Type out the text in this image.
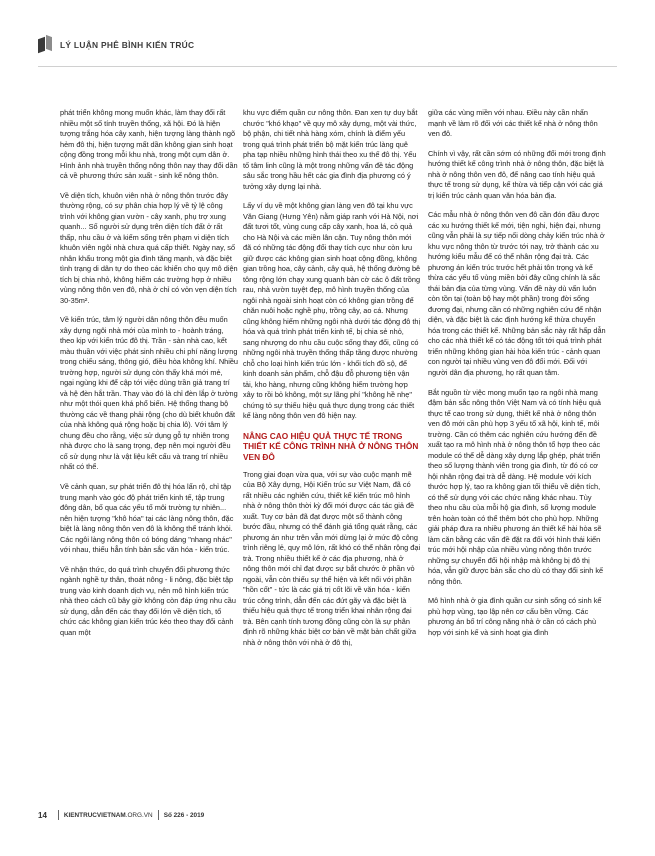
LÝ LUẬN PHÊ BÌNH KIẾN TRÚC

phát triển không mong muốn khác, làm thay đổi rất nhiều một số tính truyền thống, xã hội. Đó là hiện tượng trắng hóa cây xanh, hiện tượng làng thành ngõ hẻm đô thị, hiện tượng mất dần không gian sinh hoạt cộng đồng trong mỗi khu nhà, trong một cụm dân ở. Hình ảnh nhà truyền thống nông thôn nay thay đổi dần cả về phương thức sản xuất - sinh kế nông thôn.

Về diện tích, khuôn viên nhà ở nông thôn trước đây thường rộng, có sự phân chia hợp lý về tỷ lệ công trình với không gian vườn - cây xanh, phụ trợ xung quanh... Số người sử dụng trên diện tích đất ở rất thấp, nhu cầu ở và kiếm sống trên phạm vi diện tích khuôn viên ngôi nhà chưa quá cấp thiết. Ngày nay, số nhân khẩu trong một gia đình tăng mạnh, và đặc biệt tình trạng di dân tự do theo các khiến cho quy mô diện tích bị chia nhỏ, không hiếm các trường hợp ở nhiều vùng nông thôn ven đô, nhà ở chỉ có vỏn vẹn diện tích 30-35m².

Về kiến trúc, tâm lý người dân nông thôn đều muốn xây dựng ngôi nhà mới của mình to - hoành tráng, theo kịp với kiến trúc đô thị. Trần - sàn nhà cao, kết màu thuần với việc phát sinh nhiều chi phí năng lượng trong chiếu sáng, thông gió, điều hòa không khí. Nhiều trường hợp, người sử dụng còn thấy khá mới mẻ, ngại ngùng khi để cập tới việc dùng trần giả trang trí và hệ đèn hắt trần. Thay vào đó là chỉ đèn lắp ở tường như một thói quen khá phổ biến. Hệ thống thang bộ thường các về thang phải rộng (cho dù biết khuôn đất của nhà không quá rộng hoặc bị chia lô). Với tâm lý chung đều cho rằng, việc sử dụng gỗ tự nhiên trong nhà được cho là sang trọng, đẹp nên mọi người đều cố sử dụng như là vật liệu kết cấu và trang trí nhiều nhất có thể.

Về cảnh quan, sự phát triển đô thị hóa lấn rộ, chỉ tập trung mạnh vào góc độ phát triển kinh tế, tập trung đông dân, bố qua các yếu tố môi trường tự nhiên... nên hiện tượng "khô hóa" tại các làng nông thôn, đặc biệt là làng nông thôn ven đô là không thể tránh khỏi. Các ngôi làng nông thôn có bóng dáng "nhang nhác" với nhau, thiếu hẳn tính bản sắc văn hóa - kiến trúc.

Về nhận thức, do quá trình chuyển đổi phương thức ngành nghề tự thân, thoát nông - li nông, đặc biệt tập trung vào kinh doanh dịch vụ, nên mô hình kiến trúc nhà theo cách cũ bây giờ không còn đáp ứng nhu cầu sử dụng, dẫn đến các thay đổi lớn về diện tích, tổ chức các không gian kiến trúc kéo theo thay đổi cảnh quan một

khu vực điểm quần cư nông thôn. Đan xen tự duy bắt chước "khó khạo" về quy mô xây dựng, một vài thức, bộ phận, chi tiết nhà hàng xóm, chính là điểm yếu trong quá trình phát triển bộ mặt kiến trúc làng quê pha tạp nhiều những hình thái theo xu thế đô thị. Yếu tố tâm linh cũng là một trong những vấn đề tác động sâu sắc trong hầu hết các gia đình địa phương có ý tưởng xây dựng lại nhà.

Lấy ví dụ về một không gian làng ven đô tại khu vực Văn Giang (Hưng Yên) nằm giáp ranh với Hà Nội, nơi đất tươi tốt, vùng cung cấp cây xanh, hoa lá, cỏ quả cho Hà Nội và các miền lân cận. Tuy nông thôn mới đã có những tác động đổi thay tích cực như còn lưu giữ được các không gian sinh hoạt cộng đồng, không gian trồng hoa, cây cảnh, cây quả, hệ thống đường bê tông rộng lớn chạy xung quanh bàn cờ các ô đất trồng rau, nhà vườn tuyệt đẹp, mô hình truyền thống của ngôi nhà ngoài sinh hoạt còn có không gian trồng để chăn nuôi hoặc nghề phụ, trồng cây, ao cá. Nhưng cũng không hiếm những ngôi nhà dưới tác động đô thị hóa và quá trình phát triển kinh tế, bị chia sẻ nhỏ, sang nhượng do nhu cầu cuộc sống thay đổi, cũng có những ngôi nhà truyền thống thấp tầng được nhường chỗ cho loại hình kiến trúc lớn - khối tích đồ sộ, để kinh doanh sản phẩm, chỗ đậu đỗ phương tiện vận tải, kho hàng, nhưng cũng không hiếm trường hợp xây to rồi bỏ không, một sự lãng phí "không hề nhẹ" chứng tỏ sự thiếu hiệu quả thực dụng trong các thiết kế làng nông thôn ven đô hiện nay.

NÂNG CAO HIỆU QUẢ THỰC TẾ TRONG THIẾT KẾ CÔNG TRÌNH NHÀ Ở NÔNG THÔN VEN ĐÔ

Trong giai đoạn vừa qua, với sự vào cuộc mạnh mẽ của Bộ Xây dựng, Hội Kiến trúc sư Việt Nam, đã có rất nhiều các nghiên cứu, thiết kế kiến trúc mô hình nhà ở nông thôn thời kỳ đổi mới được các tác giả đề xuất. Tuy cơ bản đã đạt được một số thành công bước đầu, nhưng có thể đánh giá tổng quát rằng, các phương án như trên vẫn mới dừng lại ở mức độ công trình riêng lẻ, quy mô lớn, rất khó có thể nhân rộng đại trà. Trong nhiều thiết kế ở các địa phương, nhà ở nông thôn mới chỉ đạt được sự bắt chước ở phần vỏ ngoài, vẫn còn thiếu sự thể hiện và kết nối với phần "hồn cốt" - tức là các giá trị cốt lõi về văn hóa - kiến trúc công trình, dẫn đến các đứt gãy và đặc biệt là thiếu hiệu quả thực tế trong triển khai nhân rộng đại trà. Bên cạnh tính tương đồng cũng còn là sự phân định rõ những khác biệt cơ bản về mặt bản chất giữa nhà ở nông thôn với nhà ở đô thị,

giữa các vùng miền với nhau. Điều này cần nhấn mạnh về làm rõ đối với các thiết kế nhà ở nông thôn ven đô.

Chính vì vậy, rất cần sớm có những đổi mới trong định hướng thiết kế công trình nhà ở nông thôn, đặc biệt là nhà ở nông thôn ven đô, để nâng cao tính hiệu quả thực tế trong sử dụng, kế thừa và tiếp cận với các giá trị kiến trúc cảnh quan văn hóa bản địa.

Các mẫu nhà ở nông thôn ven đô cần đón đầu được các xu hướng thiết kế mới, tiện nghi, hiện đại, nhưng cũng vẫn phải là sự tiếp nối dòng chảy kiến trúc nhà ở khu vực nông thôn từ trước tới nay, trở thành các xu hướng kiểu mẫu để có thể nhân rộng đại trà. Các phương án kiến trúc trước hết phải tôn trọng và kế thừa các yếu tố vùng miền bởi đây cũng chính là sắc thái bản địa của từng vùng. Vấn đề này dù vấn luôn còn tồn tại (toàn bộ hay một phần) trong đời sống đương đại, nhưng cần có những nghiên cứu để nhận diện, và đặc biệt là các định hướng kế thừa chuyển hóa trong các thiết kế. Những bản sắc này rất hấp dẫn cho các nhà thiết kế có tác động tốt tới quá trình phát triển những không gian hài hòa kiến trúc - cảnh quan con người tại nhiều vùng ven đô đổi mới. Đối với người dân địa phương, họ rất quan tâm.

Bắt nguồn từ việc mong muốn tạo ra ngôi nhà mang đậm bản sắc nông thôn Việt Nam và có tính hiệu quả thực tế cao trong sử dụng, thiết kế nhà ở nông thôn ven đô mới cần phù hợp 3 yếu tố xã hội, kinh tế, môi trường. Cần có thêm các nghiên cứu hướng đến đề xuất tạo ra mô hình nhà ở nông thôn tổ hợp theo các module có thể dễ dàng xây dựng lắp ghép, phát triển theo số lượng thành viên trong gia đình, từ đó có cơ hội nhân rộng đại trà dễ dàng. Hệ module với kích thước hợp lý, tạo ra không gian tối thiểu về diện tích, có thể sử dụng với các chức năng khác nhau. Tùy theo nhu cầu của mỗi hộ gia đình, số lượng module trên hoàn toàn có thể thêm bớt cho phù hợp. Những giải pháp đưa ra nhiều phương án thiết kế hài hòa sẽ làm căn bằng các vấn đề đặt ra đối với hình thái kiến trúc mới hội nhập của nhiều vùng nông thôn trước những sự chuyển đổi hội nhập mà không bị đô thị hóa, vẫn giữ được bản sắc cho dù có thay đổi sinh kế nông thôn.

Mô hình nhà ở gia đình quần cư sinh sống có sinh kế phù hợp vùng, tạo lập nên cơ cấu bền vững. Các phương án bố trí công năng nhà ở cần có cách phù hợp với sinh kế và sinh hoạt gia đình

14	KIENTRUCVIETNAM.ORG.VN Số 226 - 2019
